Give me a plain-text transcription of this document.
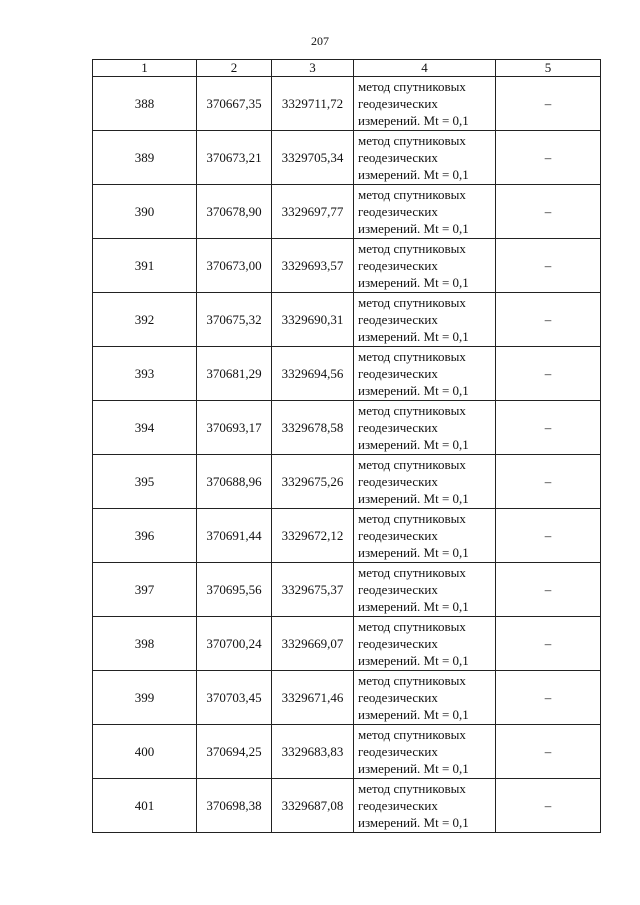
207
1	2	3	4	5
388	370667,35	3329711,72	метод спутниковых
геодезических
измерений. Mt = 0,1	–
389	370673,21	3329705,34	метод спутниковых
геодезических
измерений. Mt = 0,1	–
390	370678,90	3329697,77	метод спутниковых
геодезических
измерений. Mt = 0,1	–
391	370673,00	3329693,57	метод спутниковых
геодезических
измерений. Mt = 0,1	–
392	370675,32	3329690,31	метод спутниковых
геодезических
измерений. Mt = 0,1	–
393	370681,29	3329694,56	метод спутниковых
геодезических
измерений. Mt = 0,1	–
394	370693,17	3329678,58	метод спутниковых
геодезических
измерений. Mt = 0,1	–
395	370688,96	3329675,26	метод спутниковых
геодезических
измерений. Mt = 0,1	–
396	370691,44	3329672,12	метод спутниковых
геодезических
измерений. Mt = 0,1	–
397	370695,56	3329675,37	метод спутниковых
геодезических
измерений. Mt = 0,1	–
398	370700,24	3329669,07	метод спутниковых
геодезических
измерений. Mt = 0,1	–
399	370703,45	3329671,46	метод спутниковых
геодезических
измерений. Mt = 0,1	–
400	370694,25	3329683,83	метод спутниковых
геодезических
измерений. Mt = 0,1	–
401	370698,38	3329687,08	метод спутниковых
геодезических
измерений. Mt = 0,1	–
